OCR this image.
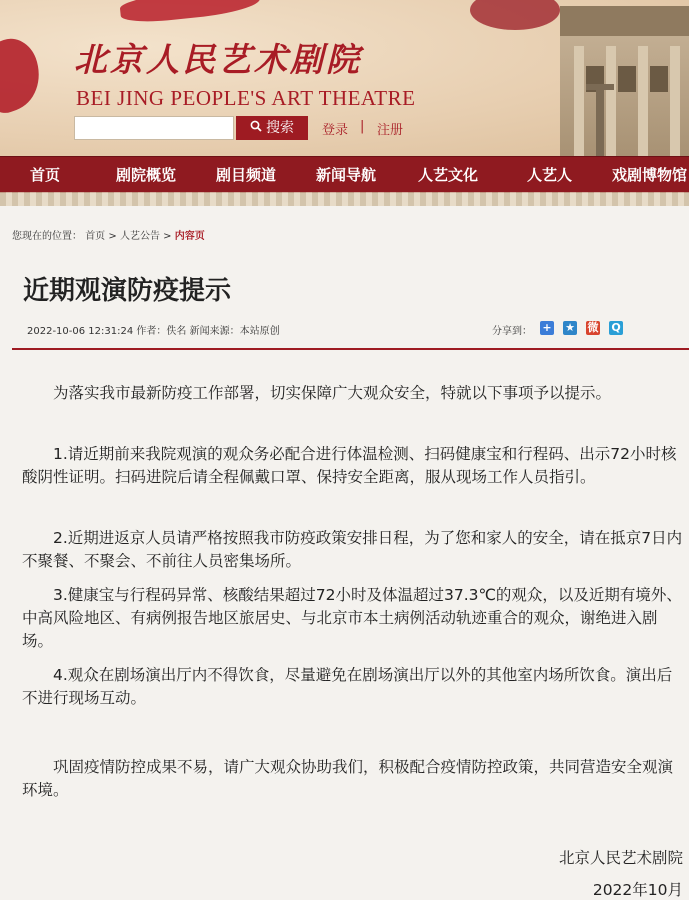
北京人民艺术剧院
BEI JING PEOPLE'S ART THEATRE
搜索	登录 | 注册
首页	剧院概览	剧目频道	新闻导航	人艺文化	人艺人	戏剧博物馆
您现在的位置： 首页 > 人艺公告 > 内容页
近期观演防疫提示
2022-10-06 12:31:24 作者：佚名 新闻来源：本站原创	分享到： + ★ 微 Q

为落实我市最新防疫工作部署，切实保障广大观众安全，特就以下事项予以提示。

1.请近期前来我院观演的观众务必配合进行体温检测、扫码健康宝和行程码、出示72小时核酸阴性证明。扫码进院后请全程佩戴口罩、保持安全距离，服从现场工作人员指引。

2.近期进返京人员请严格按照我市防疫政策安排日程，为了您和家人的安全，请在抵京7日内不聚餐、不聚会、不前往人员密集场所。

3.健康宝与行程码异常、核酸结果超过72小时及体温超过37.3℃的观众，以及近期有境外、中高风险地区、有病例报告地区旅居史、与北京市本土病例活动轨迹重合的观众，谢绝进入剧场。

4.观众在剧场演出厅内不得饮食，尽量避免在剧场演出厅以外的其他室内场所饮食。演出后不进行现场互动。

巩固疫情防控成果不易，请广大观众协助我们，积极配合疫情防控政策，共同营造安全观演环境。

北京人民艺术剧院
2022年10月
